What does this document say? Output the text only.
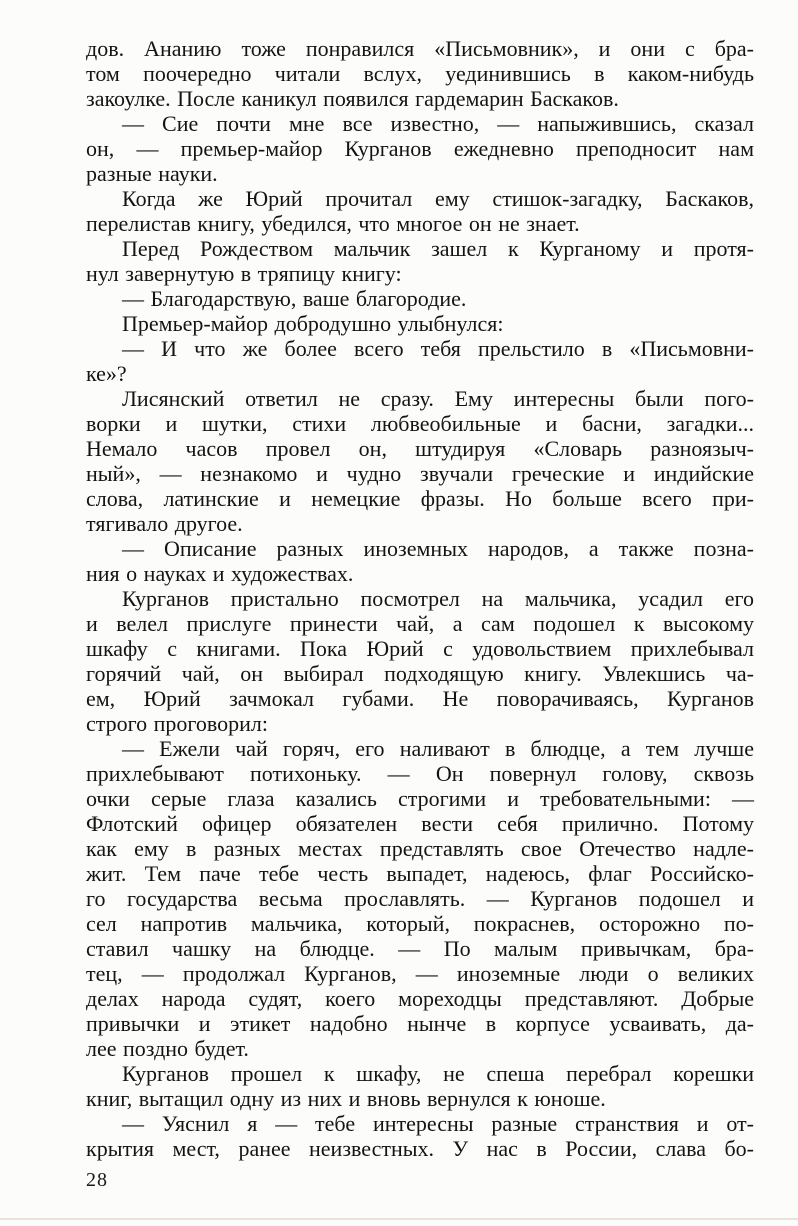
дов. Ананию тоже понравился «Письмовник», и они с бра-
том поочередно читали вслух, уединившись в каком-нибудь
закоулке. После каникул появился гардемарин Баскаков.
— Сие почти мне все известно, — напыжившись, сказал
он, — премьер-майор Курганов ежедневно преподносит нам
разные науки.
Когда же Юрий прочитал ему стишок-загадку, Баскаков,
перелистав книгу, убедился, что многое он не знает.
Перед Рождеством мальчик зашел к Курганому и протя-
нул завернутую в тряпицу книгу:
— Благодарствую, ваше благородие.
Премьер-майор добродушно улыбнулся:
— И что же более всего тебя прельстило в «Письмовни-
ке»?
Лисянский ответил не сразу. Ему интересны были пого-
ворки и шутки, стихи любвеобильные и басни, загадки...
Немало часов провел он, штудируя «Словарь разноязыч-
ный», — незнакомо и чудно звучали греческие и индийские
слова, латинские и немецкие фразы. Но больше всего при-
тягивало другое.
— Описание разных иноземных народов, а также позна-
ния о науках и художествах.
Курганов пристально посмотрел на мальчика, усадил его
и велел прислуге принести чай, а сам подошел к высокому
шкафу с книгами. Пока Юрий с удовольствием прихлебывал
горячий чай, он выбирал подходящую книгу. Увлекшись ча-
ем, Юрий зачмокал губами. Не поворачиваясь, Курганов
строго проговорил:
— Ежели чай горяч, его наливают в блюдце, а тем лучше
прихлебывают потихоньку. — Он повернул голову, сквозь
очки серые глаза казались строгими и требовательными: —
Флотский офицер обязателен вести себя прилично. Потому
как ему в разных местах представлять свое Отечество надле-
жит. Тем паче тебе честь выпадет, надеюсь, флаг Российско-
го государства весьма прославлять. — Курганов подошел и
сел напротив мальчика, который, покраснев, осторожно по-
ставил чашку на блюдце. — По малым привычкам, бра-
тец, — продолжал Курганов, — иноземные люди о великих
делах народа судят, коего мореходцы представляют. Добрые
привычки и этикет надобно нынче в корпусе усваивать, да-
лее поздно будет.
Курганов прошел к шкафу, не спеша перебрал корешки
книг, вытащил одну из них и вновь вернулся к юноше.
— Уяснил я — тебе интересны разные странствия и от-
крытия мест, ранее неизвестных. У нас в России, слава бо-
28
